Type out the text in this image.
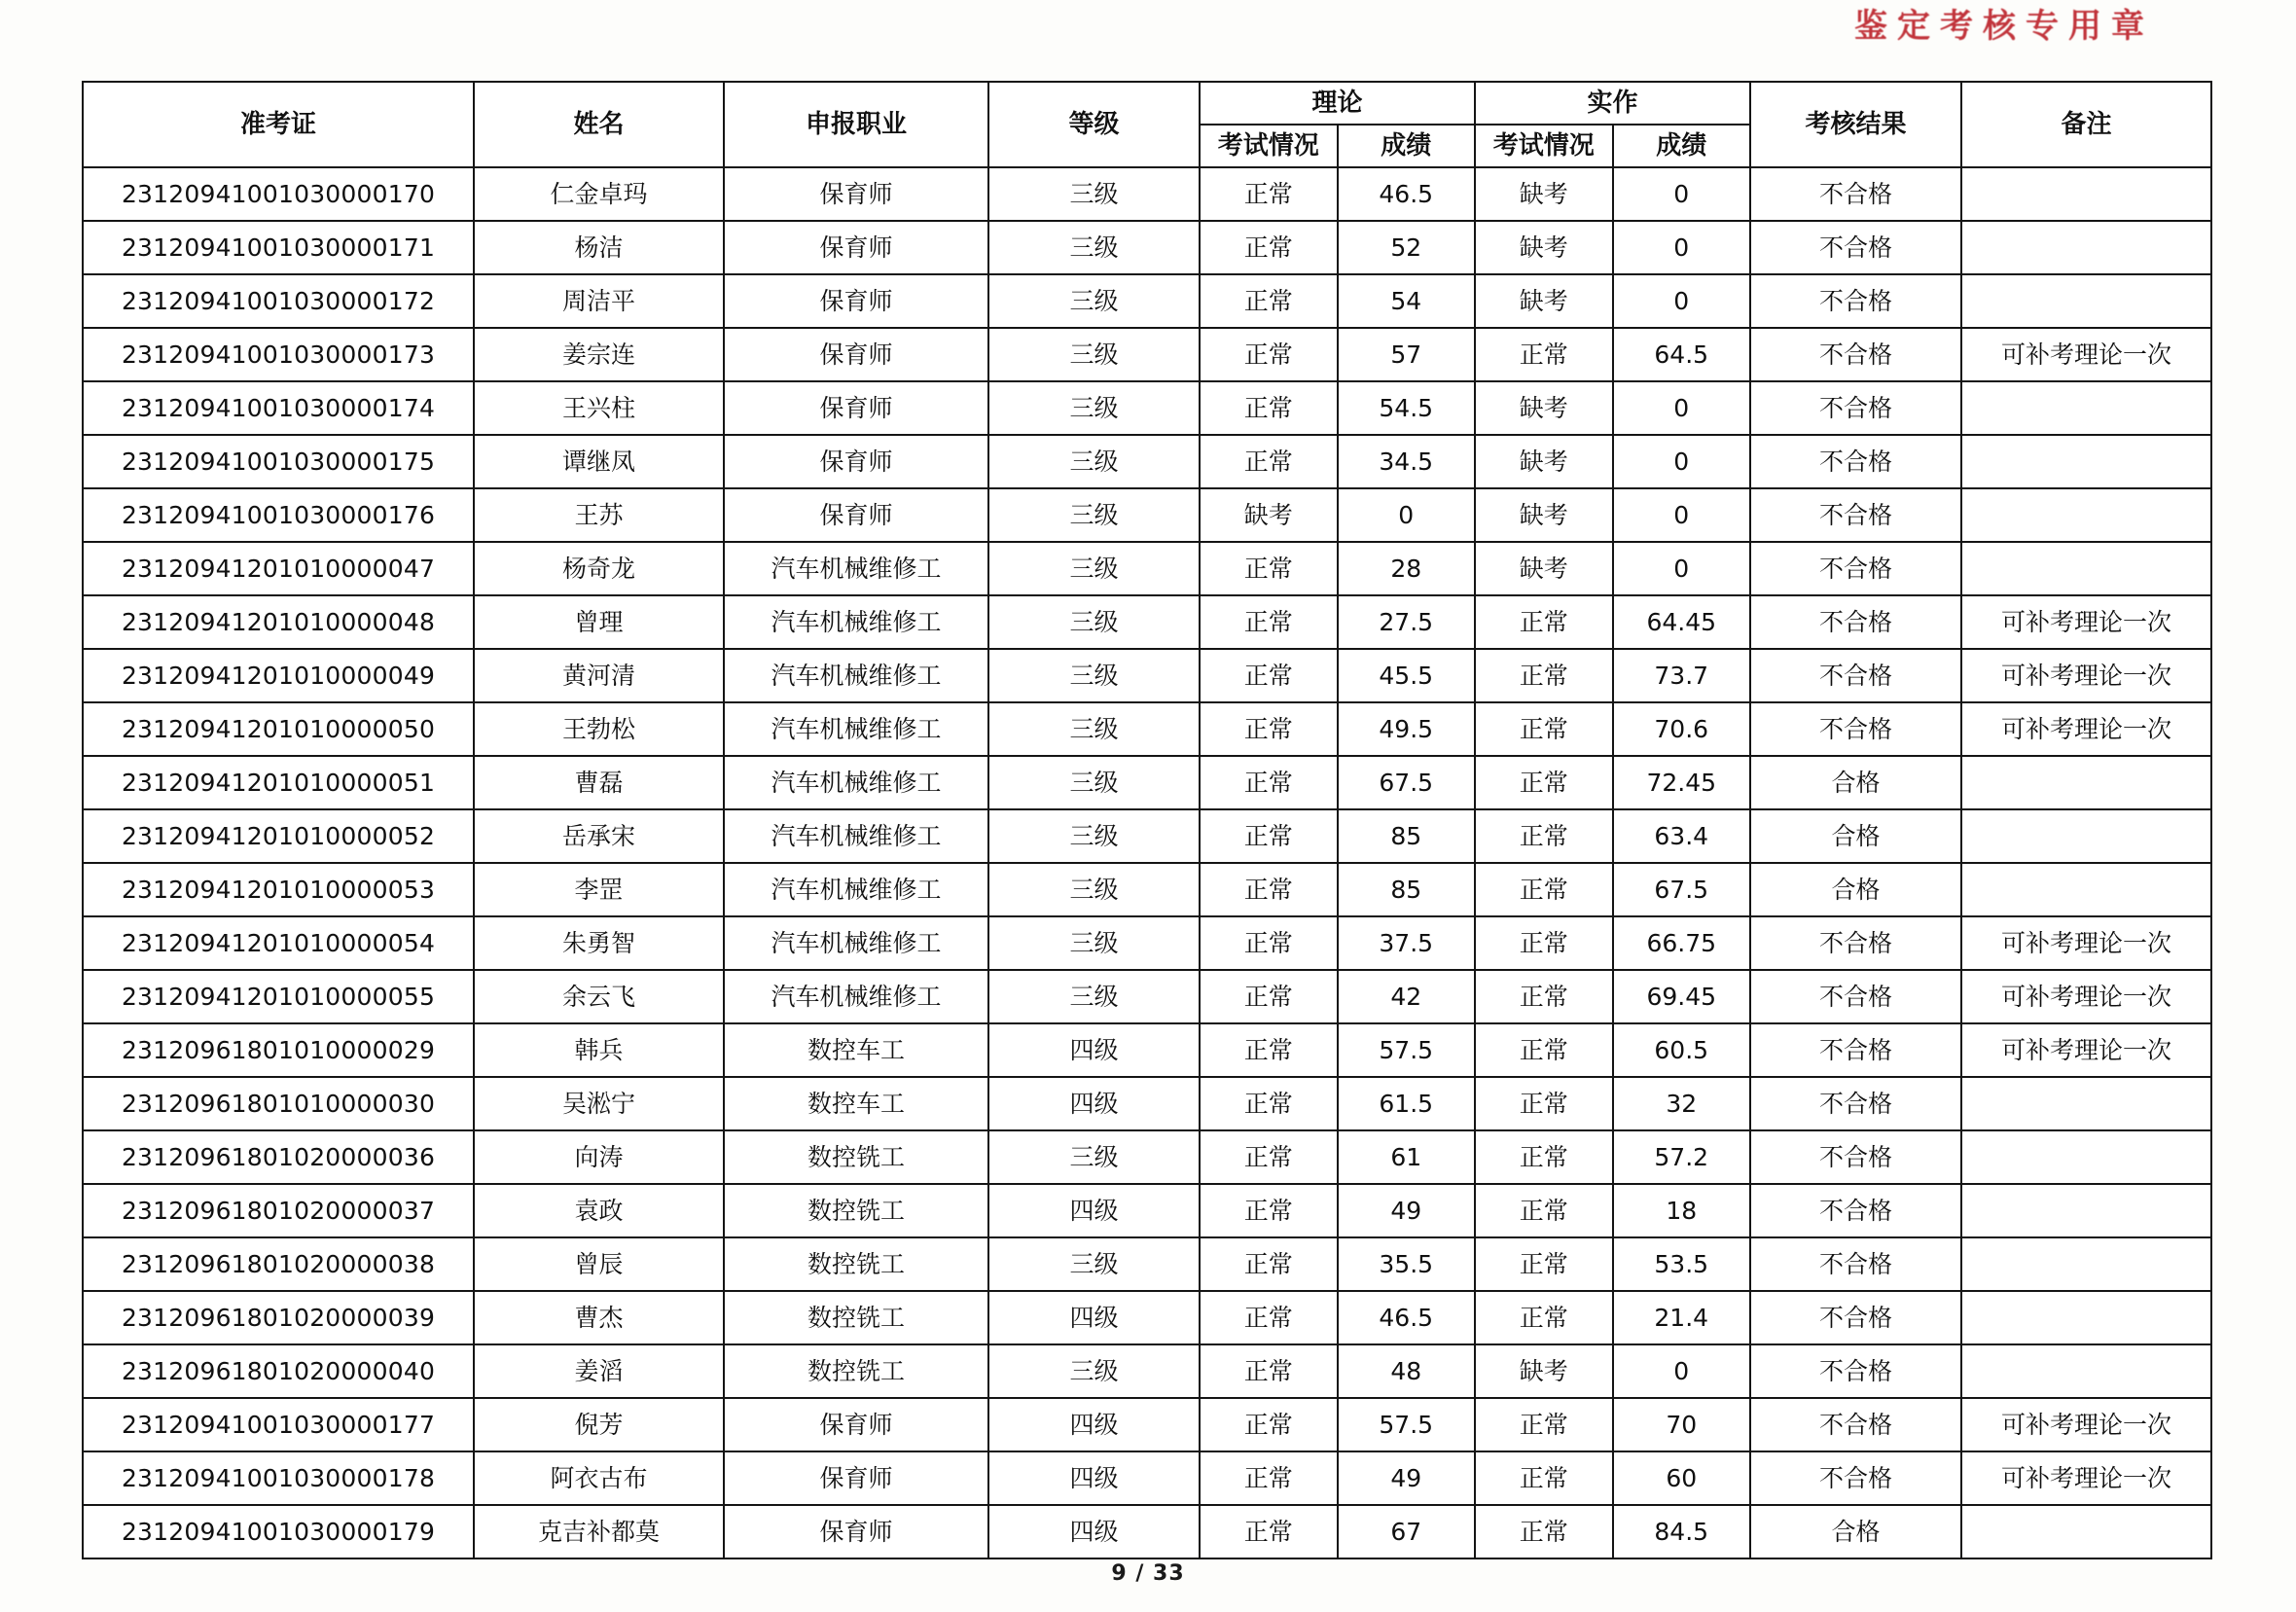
鉴定考核专用章
准考证	姓名	申报职业	等级	理论		实作		考核结果	备注
				考试情况	成绩	考试情况	成绩		
23120941001030000170	仁金卓玛	保育师	三级	正常	46.5	缺考	0	不合格	
23120941001030000171	杨洁	保育师	三级	正常	52	缺考	0	不合格	
23120941001030000172	周洁平	保育师	三级	正常	54	缺考	0	不合格	
23120941001030000173	姜宗连	保育师	三级	正常	57	正常	64.5	不合格	可补考理论一次
23120941001030000174	王兴柱	保育师	三级	正常	54.5	缺考	0	不合格	
23120941001030000175	谭继凤	保育师	三级	正常	34.5	缺考	0	不合格	
23120941001030000176	王苏	保育师	三级	缺考	0	缺考	0	不合格	
23120941201010000047	杨奇龙	汽车机械维修工	三级	正常	28	缺考	0	不合格	
23120941201010000048	曾理	汽车机械维修工	三级	正常	27.5	正常	64.45	不合格	可补考理论一次
23120941201010000049	黄河清	汽车机械维修工	三级	正常	45.5	正常	73.7	不合格	可补考理论一次
23120941201010000050	王勃松	汽车机械维修工	三级	正常	49.5	正常	70.6	不合格	可补考理论一次
23120941201010000051	曹磊	汽车机械维修工	三级	正常	67.5	正常	72.45	合格	
23120941201010000052	岳承宋	汽车机械维修工	三级	正常	85	正常	63.4	合格	
23120941201010000053	李罡	汽车机械维修工	三级	正常	85	正常	67.5	合格	
23120941201010000054	朱勇智	汽车机械维修工	三级	正常	37.5	正常	66.75	不合格	可补考理论一次
23120941201010000055	余云飞	汽车机械维修工	三级	正常	42	正常	69.45	不合格	可补考理论一次
23120961801010000029	韩兵	数控车工	四级	正常	57.5	正常	60.5	不合格	可补考理论一次
23120961801010000030	吴淞宁	数控车工	四级	正常	61.5	正常	32	不合格	
23120961801020000036	向涛	数控铣工	三级	正常	61	正常	57.2	不合格	
23120961801020000037	袁政	数控铣工	四级	正常	49	正常	18	不合格	
23120961801020000038	曾辰	数控铣工	三级	正常	35.5	正常	53.5	不合格	
23120961801020000039	曹杰	数控铣工	四级	正常	46.5	正常	21.4	不合格	
23120961801020000040	姜滔	数控铣工	三级	正常	48	缺考	0	不合格	
23120941001030000177	倪芳	保育师	四级	正常	57.5	正常	70	不合格	可补考理论一次
23120941001030000178	阿衣古布	保育师	四级	正常	49	正常	60	不合格	可补考理论一次
23120941001030000179	克吉补都莫	保育师	四级	正常	67	正常	84.5	合格	
9 / 33
